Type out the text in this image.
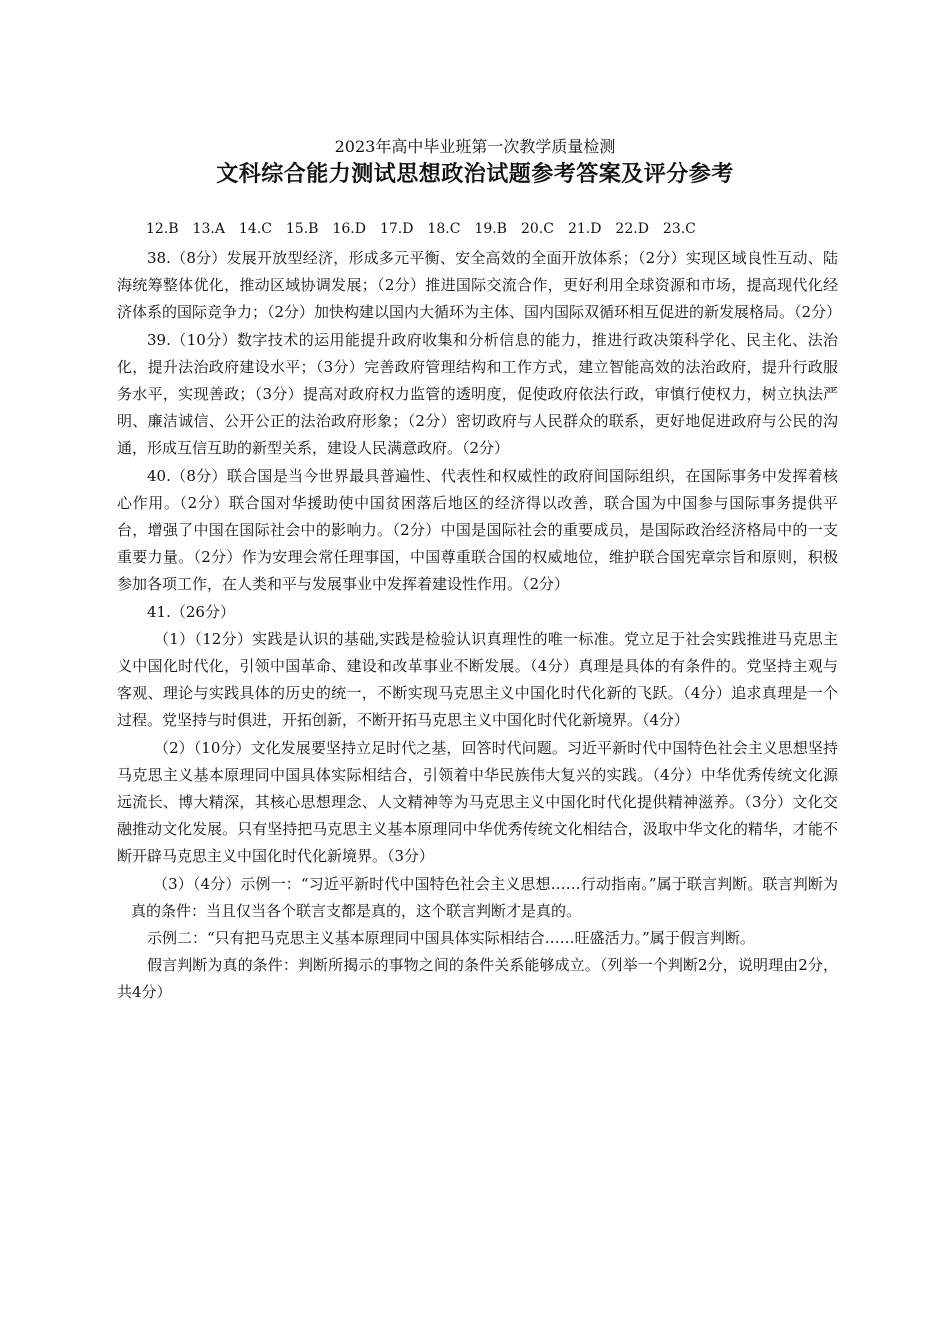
2023年高中毕业班第一次教学质量检测
文科综合能力测试思想政治试题参考答案及评分参考
12.B　13.A　14.C　15.B　16.D　17.D　18.C　19.B　20.C　21.D　22.D　23.C

38.（8分）发展开放型经济，形成多元平衡、安全高效的全面开放体系；（2分）实现区域良性互动、陆海统筹整体优化，推动区域协调发展；（2分）推进国际交流合作，更好利用全球资源和市场，提高现代化经济体系的国际竞争力；（2分）加快构建以国内大循环为主体、国内国际双循环相互促进的新发展格局。（2分）

39.（10分）数字技术的运用能提升政府收集和分析信息的能力，推进行政决策科学化、民主化、法治化，提升法治政府建设水平；（3分）完善政府管理结构和工作方式，建立智能高效的法治政府，提升行政服务水平，实现善政；（3分）提高对政府权力监管的透明度，促使政府依法行政，审慎行使权力，树立执法严明、廉洁诚信、公开公正的法治政府形象；（2分）密切政府与人民群众的联系，更好地促进政府与公民的沟通，形成互信互助的新型关系，建设人民满意政府。（2分）

40.（8分）联合国是当今世界最具普遍性、代表性和权威性的政府间国际组织，在国际事务中发挥着核心作用。（2分）联合国对华援助使中国贫困落后地区的经济得以改善，联合国为中国参与国际事务提供平台，增强了中国在国际社会中的影响力。（2分）中国是国际社会的重要成员，是国际政治经济格局中的一支重要力量。（2分）作为安理会常任理事国，中国尊重联合国的权威地位，维护联合国宪章宗旨和原则，积极参加各项工作，在人类和平与发展事业中发挥着建设性作用。（2分）

41.（26分）

（1）（12分）实践是认识的基础,实践是检验认识真理性的唯一标准。党立足于社会实践推进马克思主义中国化时代化，引领中国革命、建设和改革事业不断发展。（4分）真理是具体的有条件的。党坚持主观与客观、理论与实践具体的历史的统一，不断实现马克思主义中国化时代化新的飞跃。（4分）追求真理是一个过程。党坚持与时俱进，开拓创新，不断开拓马克思主义中国化时代化新境界。（4分）

（2）（10分）文化发展要坚持立足时代之基，回答时代问题。习近平新时代中国特色社会主义思想坚持马克思主义基本原理同中国具体实际相结合，引领着中华民族伟大复兴的实践。（4分）中华优秀传统文化源远流长、博大精深，其核心思想理念、人文精神等为马克思主义中国化时代化提供精神滋养。（3分）文化交融推动文化发展。只有坚持把马克思主义基本原理同中华优秀传统文化相结合，汲取中华文化的精华，才能不断开辟马克思主义中国化时代化新境界。（3分）

（3）（4分）示例一：“习近平新时代中国特色社会主义思想……行动指南。”属于联言判断。联言判断为真的条件：当且仅当各个联言支都是真的，这个联言判断才是真的。

示例二：“只有把马克思主义基本原理同中国具体实际相结合……旺盛活力。”属于假言判断。

假言判断为真的条件：判断所揭示的事物之间的条件关系能够成立。（列举一个判断2分，说明理由2分，共4分）
